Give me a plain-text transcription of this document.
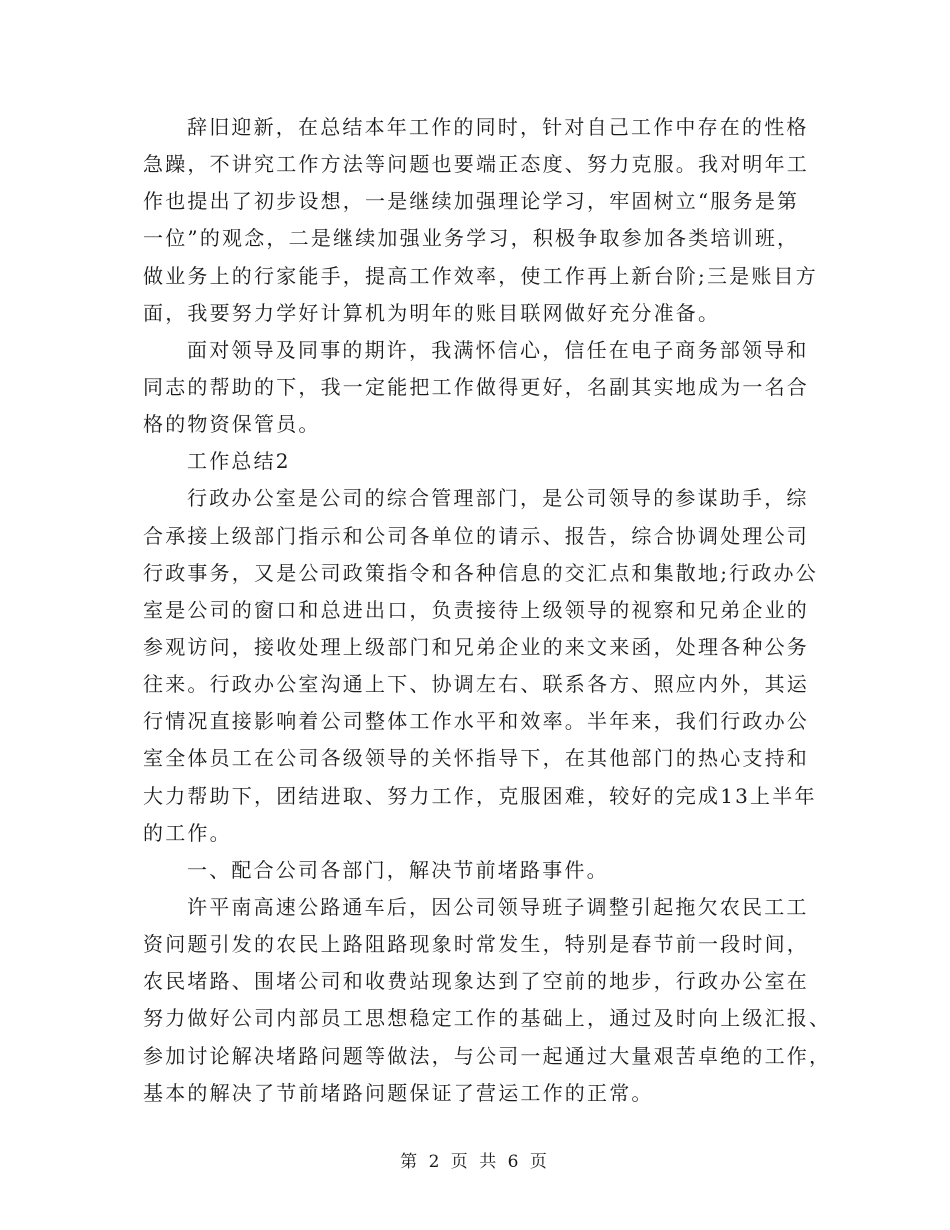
辞旧迎新，在总结本年工作的同时，针对自己工作中存在的性格
急躁，不讲究工作方法等问题也要端正态度、努力克服。我对明年工
作也提出了初步设想，一是继续加强理论学习，牢固树立“服务是第
一位”的观念，二是继续加强业务学习，积极争取参加各类培训班，
做业务上的行家能手，提高工作效率，使工作再上新台阶;三是账目方
面，我要努力学好计算机为明年的账目联网做好充分准备。
面对领导及同事的期许，我满怀信心，信任在电子商务部领导和
同志的帮助的下，我一定能把工作做得更好，名副其实地成为一名合
格的物资保管员。
工作总结2
行政办公室是公司的综合管理部门，是公司领导的参谋助手，综
合承接上级部门指示和公司各单位的请示、报告，综合协调处理公司
行政事务，又是公司政策指令和各种信息的交汇点和集散地;行政办公
室是公司的窗口和总进出口，负责接待上级领导的视察和兄弟企业的
参观访问，接收处理上级部门和兄弟企业的来文来函，处理各种公务
往来。行政办公室沟通上下、协调左右、联系各方、照应内外，其运
行情况直接影响着公司整体工作水平和效率。半年来，我们行政办公
室全体员工在公司各级领导的关怀指导下，在其他部门的热心支持和
大力帮助下，团结进取、努力工作，克服困难，较好的完成13上半年
的工作。
一、配合公司各部门，解决节前堵路事件。
许平南高速公路通车后，因公司领导班子调整引起拖欠农民工工
资问题引发的农民上路阻路现象时常发生，特别是春节前一段时间，
农民堵路、围堵公司和收费站现象达到了空前的地步，行政办公室在
努力做好公司内部员工思想稳定工作的基础上，通过及时向上级汇报、
参加讨论解决堵路问题等做法，与公司一起通过大量艰苦卓绝的工作，
基本的解决了节前堵路问题保证了营运工作的正常。
第 2 页 共 6 页
